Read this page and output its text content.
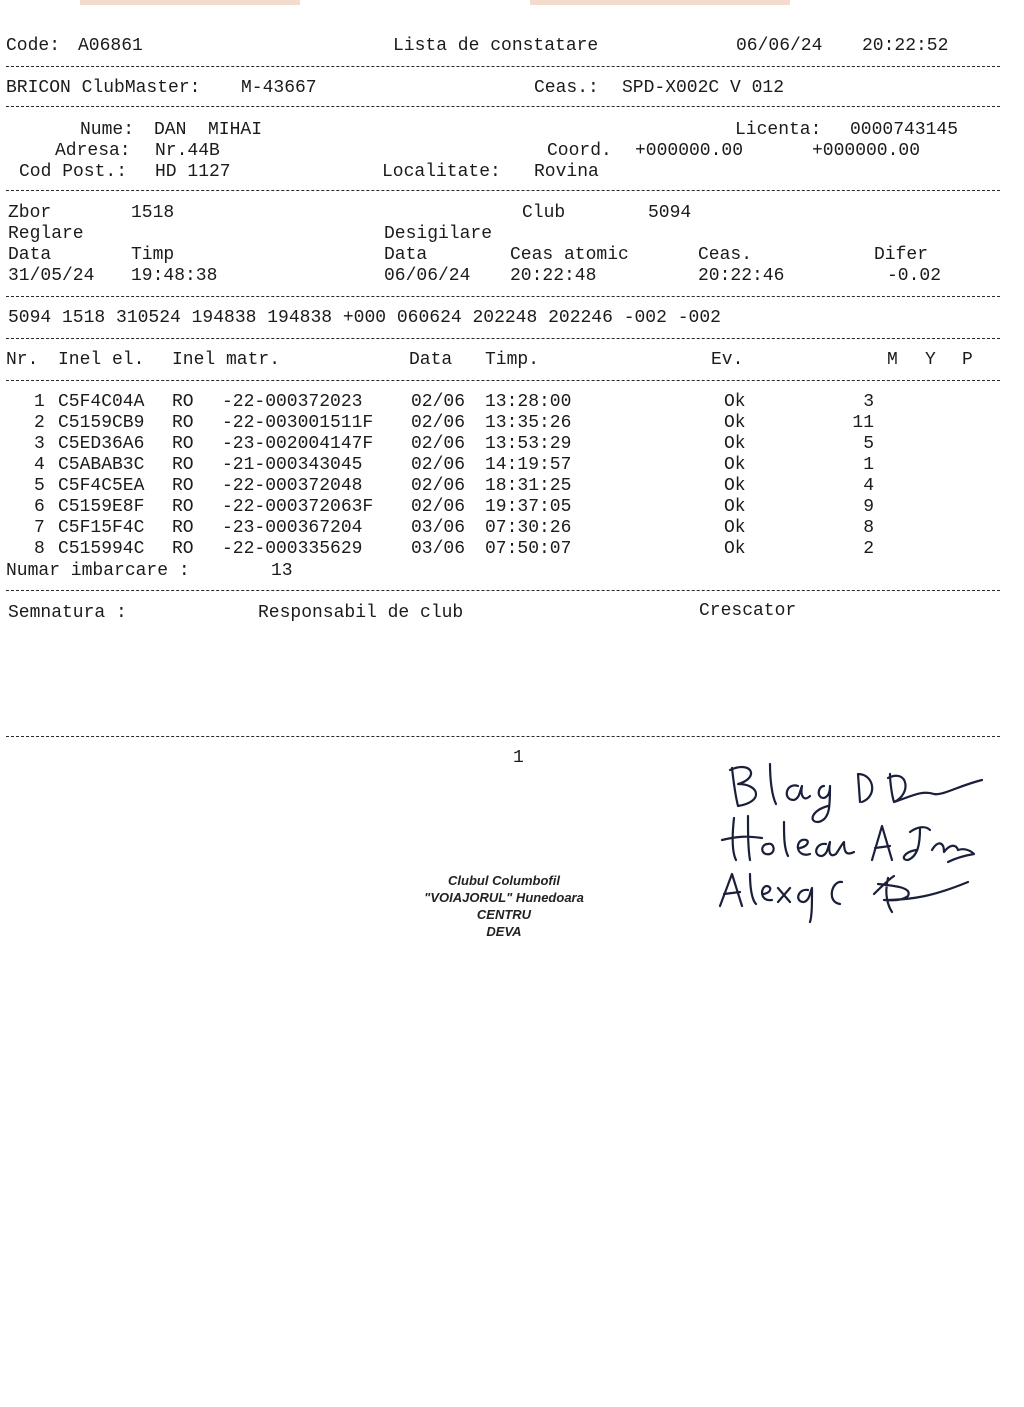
Code: A06861	Lista de constatare	06/06/24 20:22:52
BRICON ClubMaster: M-43667	Ceas.: SPD-X002C V 012
Nume: DAN  MIHAI	Licenta: 0000743145
Adresa: Nr.44B	Coord. +000000.00	+000000.00
Cod Post.: HD 1127	Localitate: Rovina
Zbor	1518	Club	5094
Reglare	Desigilare
Data	Timp	Data	Ceas atomic	Ceas.	Difer
31/05/24 19:48:38	06/06/24 20:22:48	20:22:46	-0.02
5094 1518 310524 194838 194838 +000 060624 202248 202246 -002 -002
Nr. Inel el. Inel matr.	Data Timp.	Ev.	M Y P
1 C5F4C04A RO -22-000372023	02/06 13:28:00	Ok	3
2 C5159CB9 RO -22-003001511F 02/06 13:35:26	Ok	11
3 C5ED36A6 RO -23-002004147F 02/06 13:53:29	Ok	5
4 C5ABAB3C RO -21-000343045	02/06 14:19:57	Ok	1
5 C5F4C5EA RO -22-000372048	02/06 18:31:25	Ok	4
6 C5159E8F RO -22-000372063F 02/06 19:37:05	Ok	9
7 C5F15F4C RO -23-000367204	03/06 07:30:26	Ok	8
8 C515994C RO -22-000335629	03/06 07:50:07	Ok	2
Numar imbarcare :	13
Semnatura :	Responsabil de club	Crescator
1
Clubul Columbofil
"VOIAJORUL" Hunedoara
CENTRU
DEVA
